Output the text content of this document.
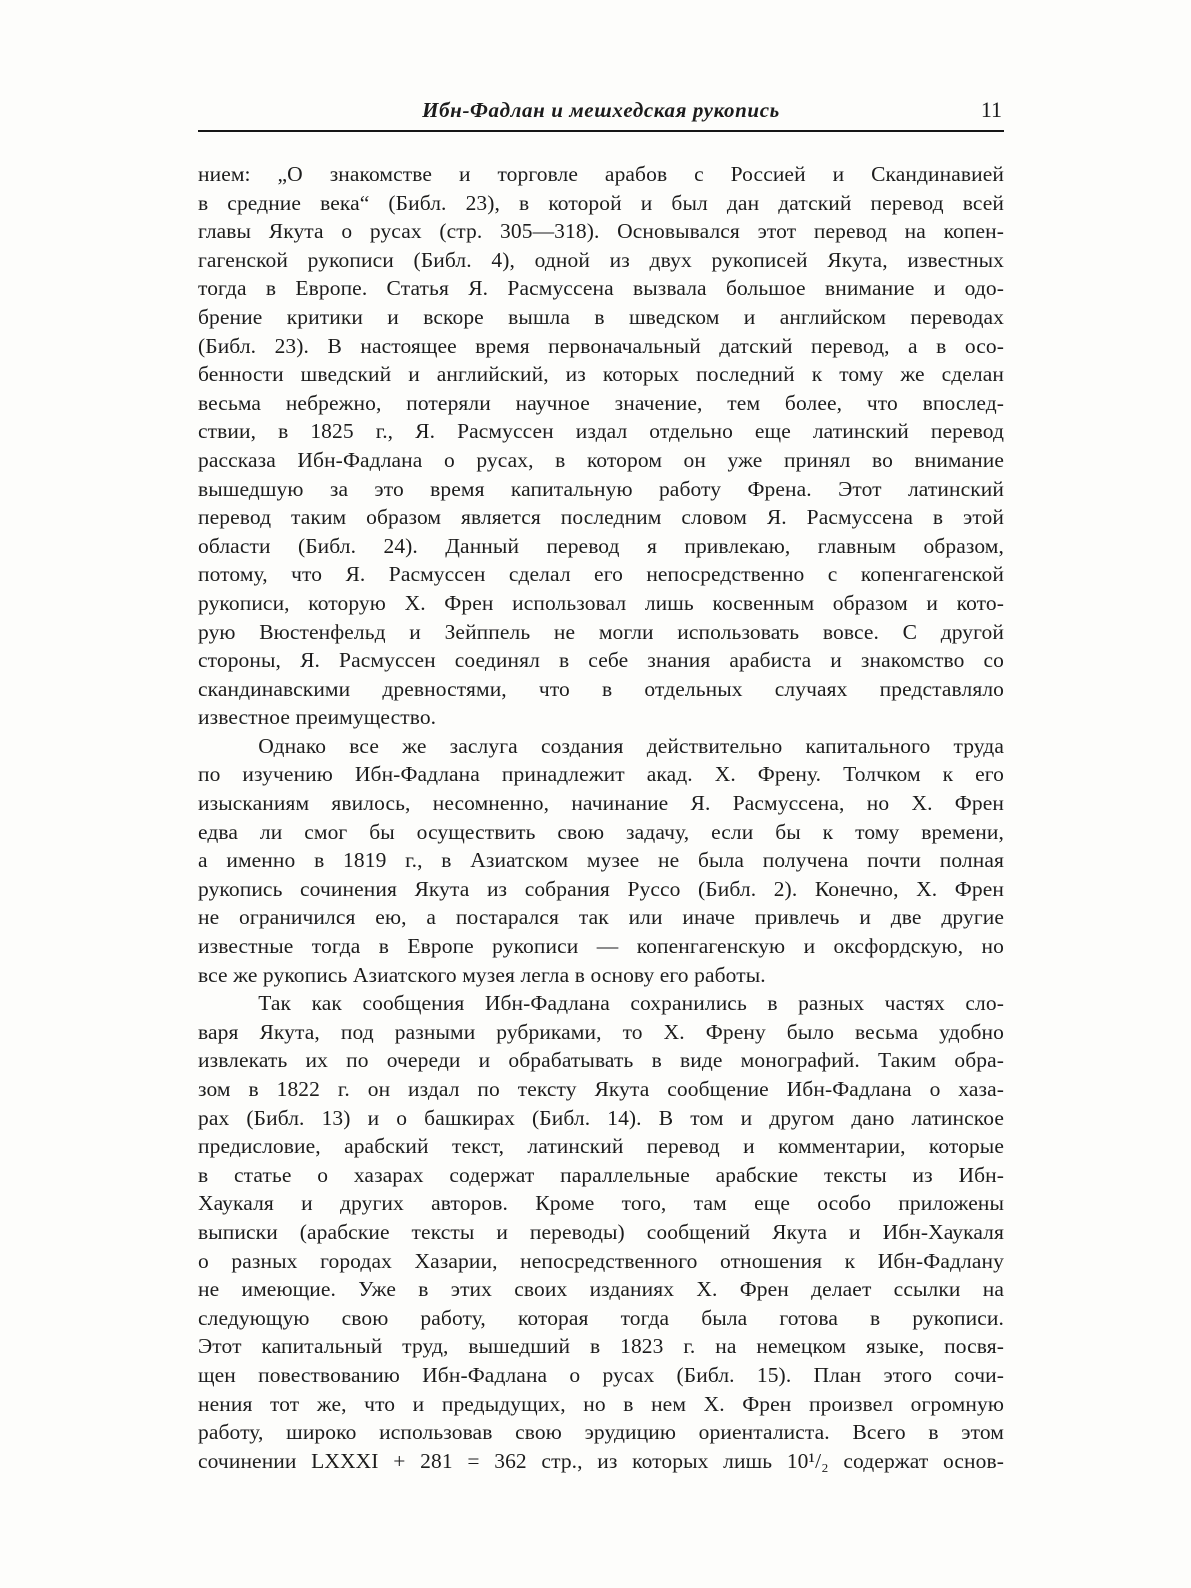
Ибн-Фадлан и мешхедская рукопись	11
нием: „О знакомстве и торговле арабов с Россией и Скандинавией
в средние века“ (Библ. 23), в которой и был дан датский перевод всей
главы Якута о русах (стр. 305—318). Основывался этот перевод на копен-
гагенской рукописи (Библ. 4), одной из двух рукописей Якута, известных
тогда в Европе. Статья Я. Расмуссена вызвала большое внимание и одо-
брение критики и вскоре вышла в шведском и английском переводах
(Библ. 23). В настоящее время первоначальный датский перевод, а в осо-
бенности шведский и английский, из которых последний к тому же сделан
весьма небрежно, потеряли научное значение, тем более, что впослед-
ствии, в 1825 г., Я. Расмуссен издал отдельно еще латинский перевод
рассказа Ибн-Фадлана о русах, в котором он уже принял во внимание
вышедшую за это время капитальную работу Френа. Этот латинский
перевод таким образом является последним словом Я. Расмуссена в этой
области (Библ. 24). Данный перевод я привлекаю, главным образом,
потому, что Я. Расмуссен сделал его непосредственно с копенгагенской
рукописи, которую Х. Френ использовал лишь косвенным образом и кото-
рую Вюстенфельд и Зейппель не могли использовать вовсе. С другой
стороны, Я. Расмуссен соединял в себе знания арабиста и знакомство со
скандинавскими древностями, что в отдельных случаях представляло
известное преимущество.
Однако все же заслуга создания действительно капитального труда
по изучению Ибн-Фадлана принадлежит акад. Х. Френу. Толчком к его
изысканиям явилось, несомненно, начинание Я. Расмуссена, но Х. Френ
едва ли смог бы осуществить свою задачу, если бы к тому времени,
а именно в 1819 г., в Азиатском музее не была получена почти полная
рукопись сочинения Якута из собрания Руссо (Библ. 2). Конечно, Х. Френ
не ограничился ею, а постарался так или иначе привлечь и две другие
известные тогда в Европе рукописи — копенгагенскую и оксфордскую, но
все же рукопись Азиатского музея легла в основу его работы.
Так как сообщения Ибн-Фадлана сохранились в разных частях сло-
варя Якута, под разными рубриками, то Х. Френу было весьма удобно
извлекать их по очереди и обрабатывать в виде монографий. Таким обра-
зом в 1822 г. он издал по тексту Якута сообщение Ибн-Фадлана о хаза-
рах (Библ. 13) и о башкирах (Библ. 14). В том и другом дано латинское
предисловие, арабский текст, латинский перевод и комментарии, которые
в статье о хазарах содержат параллельные арабские тексты из Ибн-
Хаукаля и других авторов. Кроме того, там еще особо приложены
выписки (арабские тексты и переводы) сообщений Якута и Ибн-Хаукаля
о разных городах Хазарии, непосредственного отношения к Ибн-Фадлану
не имеющие. Уже в этих своих изданиях Х. Френ делает ссылки на
следующую свою работу, которая тогда была готова в рукописи.
Этот капитальный труд, вышедший в 1823 г. на немецком языке, посвя-
щен повествованию Ибн-Фадлана о русах (Библ. 15). План этого сочи-
нения тот же, что и предыдущих, но в нем Х. Френ произвел огромную
работу, широко использовав свою эрудицию ориенталиста. Всего в этом
сочинении LXXXI + 281 = 362 стр., из которых лишь 10¹/₂ содержат основ-
